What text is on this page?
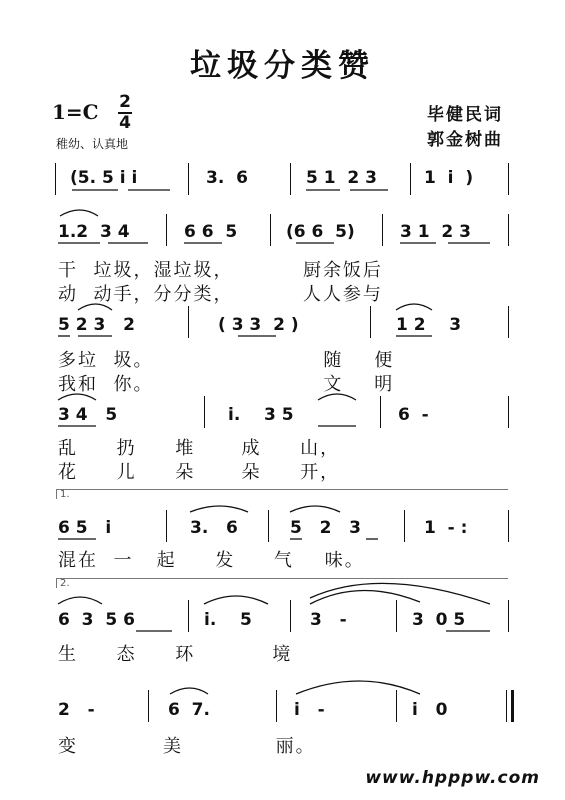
垃圾分类赞
1=C 2
4
稚幼、认真地
毕健民词
郭金树曲
(5. 5 i i	3.  6	5 1  2 3	1  i  )
1.2  3 4	6 6  5	(6 6  5)	3 1  2 3
干  垃圾，湿垃圾，         厨余饭后
动  动手，分分类，         人人参与
5 2 3   2	( 3 3  2 )	1 2    3
多垃  圾。                      随    便
我和  你。                      文    明
3 4   5	i.    3 5	6  -
乱     扔     堆      成     山，
花     儿     朵      朵     开，
1.
6 5   i	3.   6	5   2   3	1  - :
混在  一   起     发     气    味。
2.
6  3  5 6	i.    5	3   -	3  0 5
生     态     环          境
2   -	6  7.	i   -	i   0
变           美            丽。
www.hpppw.com
